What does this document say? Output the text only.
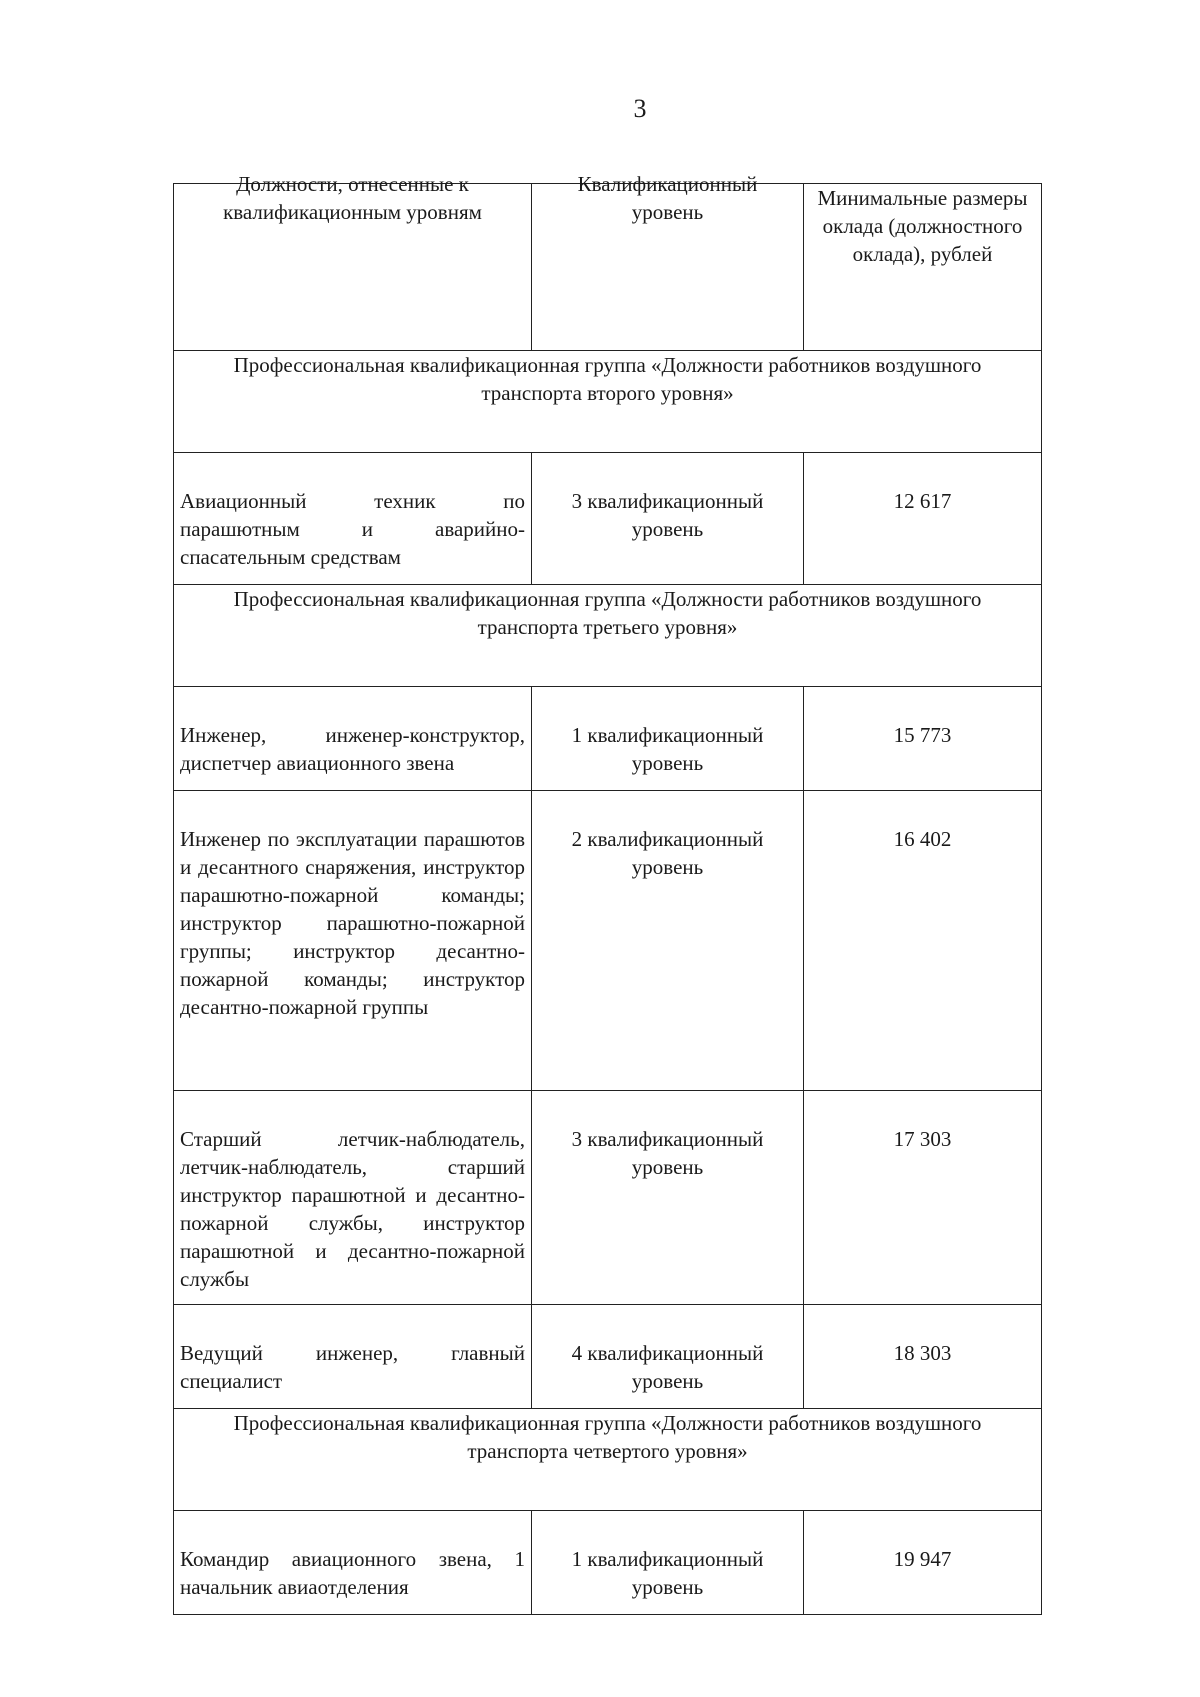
3
Должности, отнесенные к квалификационным уровням	Квалификационный уровень	Минимальные размеры оклада (должностного оклада), рублей

Профессиональная квалификационная группа «Должности работников воздушного транспорта второго уровня»		

Авиационный техник по парашютным и аварийно-спасательным средствам	3 квалификационный уровень	12 617

Профессиональная квалификационная группа «Должности работников воздушного транспорта третьего уровня»		

Инженер, инженер-конструктор, диспетчер авиационного звена	1 квалификационный уровень	15 773

Инженер по эксплуатации парашютов и десантного снаряжения, инструктор парашютно-пожарной команды; инструктор парашютно-пожарной группы; инструктор десантно-пожарной команды; инструктор десантно-пожарной группы	2 квалификационный уровень	16 402

Старший летчик-наблюдатель, летчик-наблюдатель, старший инструктор парашютной и десантно-пожарной службы, инструктор парашютной и десантно-пожарной службы	3 квалификационный уровень	17 303

Ведущий инженер, главный специалист	4 квалификационный уровень	18 303

Профессиональная квалификационная группа «Должности работников воздушного транспорта четвертого уровня»		

Командир авиационного звена, 1 начальник авиаотделения	1 квалификационный уровень	19 947
